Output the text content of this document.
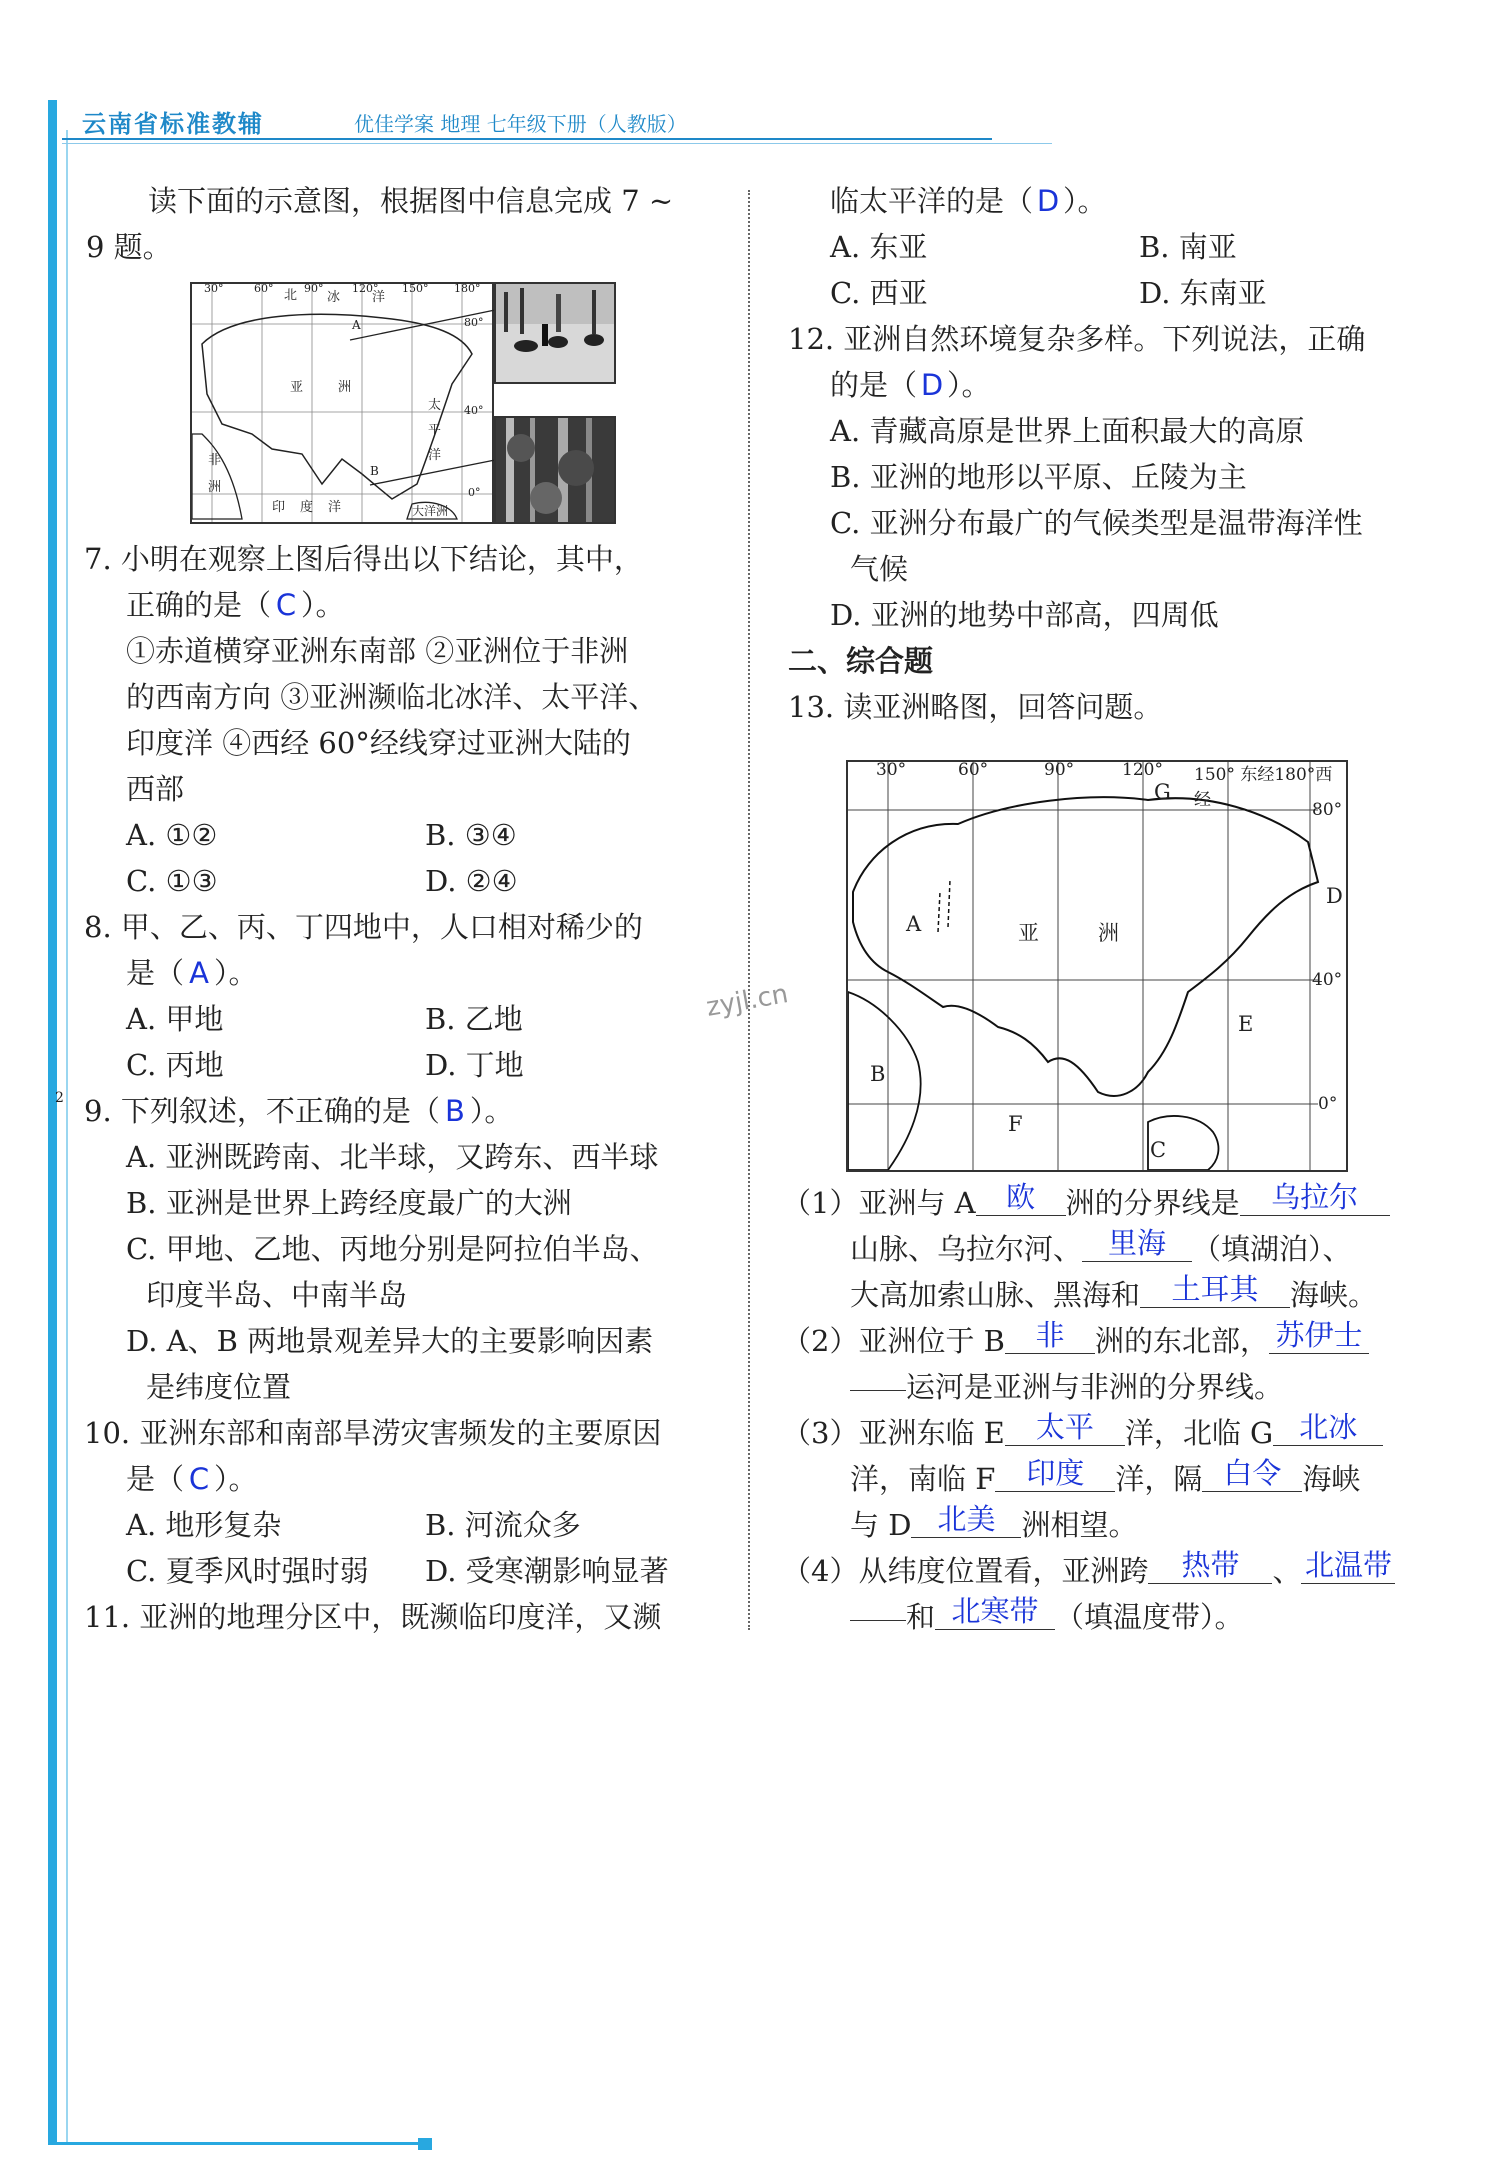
云南省标准教辅	优佳学案 地理 七年级下册（人教版）
2
zyjl.cn

读下面的示意图，根据图中信息完成 7 ~

9 题。

30°	60° 北 冰
90°
洋
120° 150° 180°
80°
40°
0°
亚	洲
太
平
洋
非
洲
印 度 洋	大洋洲
A
B

7. 小明在观察上图后得出以下结论，其中，

正确的是（ C ）。

①赤道横穿亚洲东南部 ②亚洲位于非洲

的西南方向 ③亚洲濒临北冰洋、太平洋、

印度洋 ④西经 60°经线穿过亚洲大陆的

西部

A. ①②	B. ③④

C. ①③	D. ②④

8. 甲、乙、丙、丁四地中，人口相对稀少的

是（ A ）。

A. 甲地	B. 乙地

C. 丙地	D. 丁地

9. 下列叙述，不正确的是（ B ）。

A. 亚洲既跨南、北半球，又跨东、西半球

B. 亚洲是世界上跨经度最广的大洲

C. 甲地、乙地、丙地分别是阿拉伯半岛、

印度半岛、中南半岛

D. A、B 两地景观差异大的主要影响因素

是纬度位置

10. 亚洲东部和南部旱涝灾害频发的主要原因

是（ C ）。

A. 地形复杂	B. 河流众多

C. 夏季风时强时弱	D. 受寒潮影响显著

11. 亚洲的地理分区中，既濒临印度洋，又濒

临太平洋的是（ D ）。

A. 东亚	B. 南亚

C. 西亚	D. 东南亚

12. 亚洲自然环境复杂多样。下列说法，正确

的是（ D ）。

A. 青藏高原是世界上面积最大的高原

B. 亚洲的地形以平原、丘陵为主

C. 亚洲分布最广的气候类型是温带海洋性

气候

D. 亚洲的地势中部高，四周低

二、综合题

13. 读亚洲略图，回答问题。

30°	60°	90°	120° 150° 东经180°西经	80°
40°
0°
G
D
A	亚	洲
E
B
F
C

（1）亚洲与 A 欧 洲的分界线是 乌拉尔

山脉、乌拉尔河、 里海 （填湖泊）、

大高加索山脉、黑海和 土耳其 海峡。

（2）亚洲位于 B 非 洲的东北部， 苏伊士

运河是亚洲与非洲的分界线。

（3）亚洲东临 E 太平 洋，北临 G 北冰

洋，南临 F 印度 洋，隔 白令 海峡

与 D 北美 洲相望。

（4）从纬度位置看，亚洲跨 热带 、 北温带

和 北寒带 （填温度带）。
